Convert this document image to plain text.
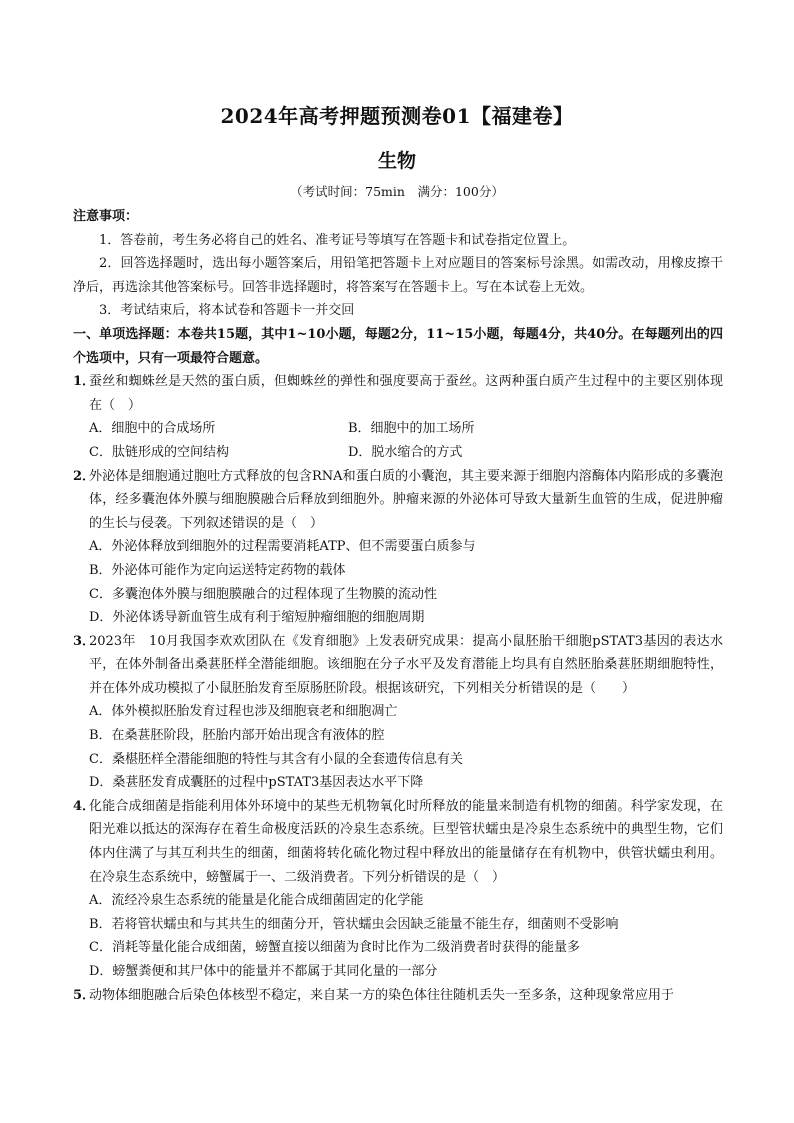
2024年高考押题预测卷01【福建卷】
生物
（考试时间：75min　满分：100分）
注意事项：
1．答卷前，考生务必将自己的姓名、准考证号等填写在答题卡和试卷指定位置上。
2．回答选择题时，选出每小题答案后，用铅笔把答题卡上对应题目的答案标号涂黑。如需改动，用橡皮擦干净后，再选涂其他答案标号。回答非选择题时，将答案写在答题卡上。写在本试卷上无效。
3．考试结束后，将本试卷和答题卡一并交回
一、单项选择题：本卷共15题，其中1~10小题，每题2分，11~15小题，每题4分，共40分。在每题列出的四个选项中，只有一项最符合题意。
1．
蚕丝和蜘蛛丝是天然的蛋白质，但蜘蛛丝的弹性和强度要高于蚕丝。这两种蛋白质产生过程中的主要区别体现在（　）
A．细胞中的合成场所	B．细胞中的加工场所
C．肽链形成的空间结构	D．脱水缩合的方式
2．
外泌体是细胞通过胞吐方式释放的包含RNA和蛋白质的小囊泡，其主要来源于细胞内溶酶体内陷形成的多囊泡体，经多囊泡体外膜与细胞膜融合后释放到细胞外。肿瘤来源的外泌体可导致大量新生血管的生成，促进肿瘤的生长与侵袭。下列叙述错误的是（　）
A．外泌体释放到细胞外的过程需要消耗ATP、但不需要蛋白质参与
B．外泌体可能作为定向运送特定药物的载体
C．多囊泡体外膜与细胞膜融合的过程体现了生物膜的流动性
D．外泌体诱导新血管生成有利于缩短肿瘤细胞的细胞周期
3．
2023年　10月我国李欢欢团队在《发育细胞》上发表研究成果：提高小鼠胚胎干细胞pSTAT3基因的表达水平，在体外制备出桑葚胚样全潜能细胞。该细胞在分子水平及发育潜能上均具有自然胚胎桑葚胚期细胞特性，并在体外成功模拟了小鼠胚胎发育至原肠胚阶段。根据该研究，下列相关分析错误的是（　　）
A．体外模拟胚胎发育过程也涉及细胞衰老和细胞凋亡
B．在桑葚胚阶段，胚胎内部开始出现含有液体的腔
C．桑椹胚样全潜能细胞的特性与其含有小鼠的全套遗传信息有关
D．桑葚胚发育成囊胚的过程中pSTAT3基因表达水平下降
4．
化能合成细菌是指能利用体外环境中的某些无机物氧化时所释放的能量来制造有机物的细菌。科学家发现，在阳光难以抵达的深海存在着生命极度活跃的冷泉生态系统。巨型管状蠕虫是冷泉生态系统中的典型生物，它们体内住满了与其互利共生的细菌，细菌将转化硫化物过程中释放出的能量储存在有机物中，供管状蠕虫利用。在冷泉生态系统中，螃蟹属于一、二级消费者。下列分析错误的是（　）
A．流经冷泉生态系统的能量是化能合成细菌固定的化学能
B．若将管状蠕虫和与其共生的细菌分开，管状蠕虫会因缺乏能量不能生存，细菌则不受影响
C．消耗等量化能合成细菌，螃蟹直接以细菌为食时比作为二级消费者时获得的能量多
D．螃蟹粪便和其尸体中的能量并不都属于其同化量的一部分
5．
动物体细胞融合后染色体核型不稳定，来自某一方的染色体往往随机丢失一至多条，这种现象常应用于
